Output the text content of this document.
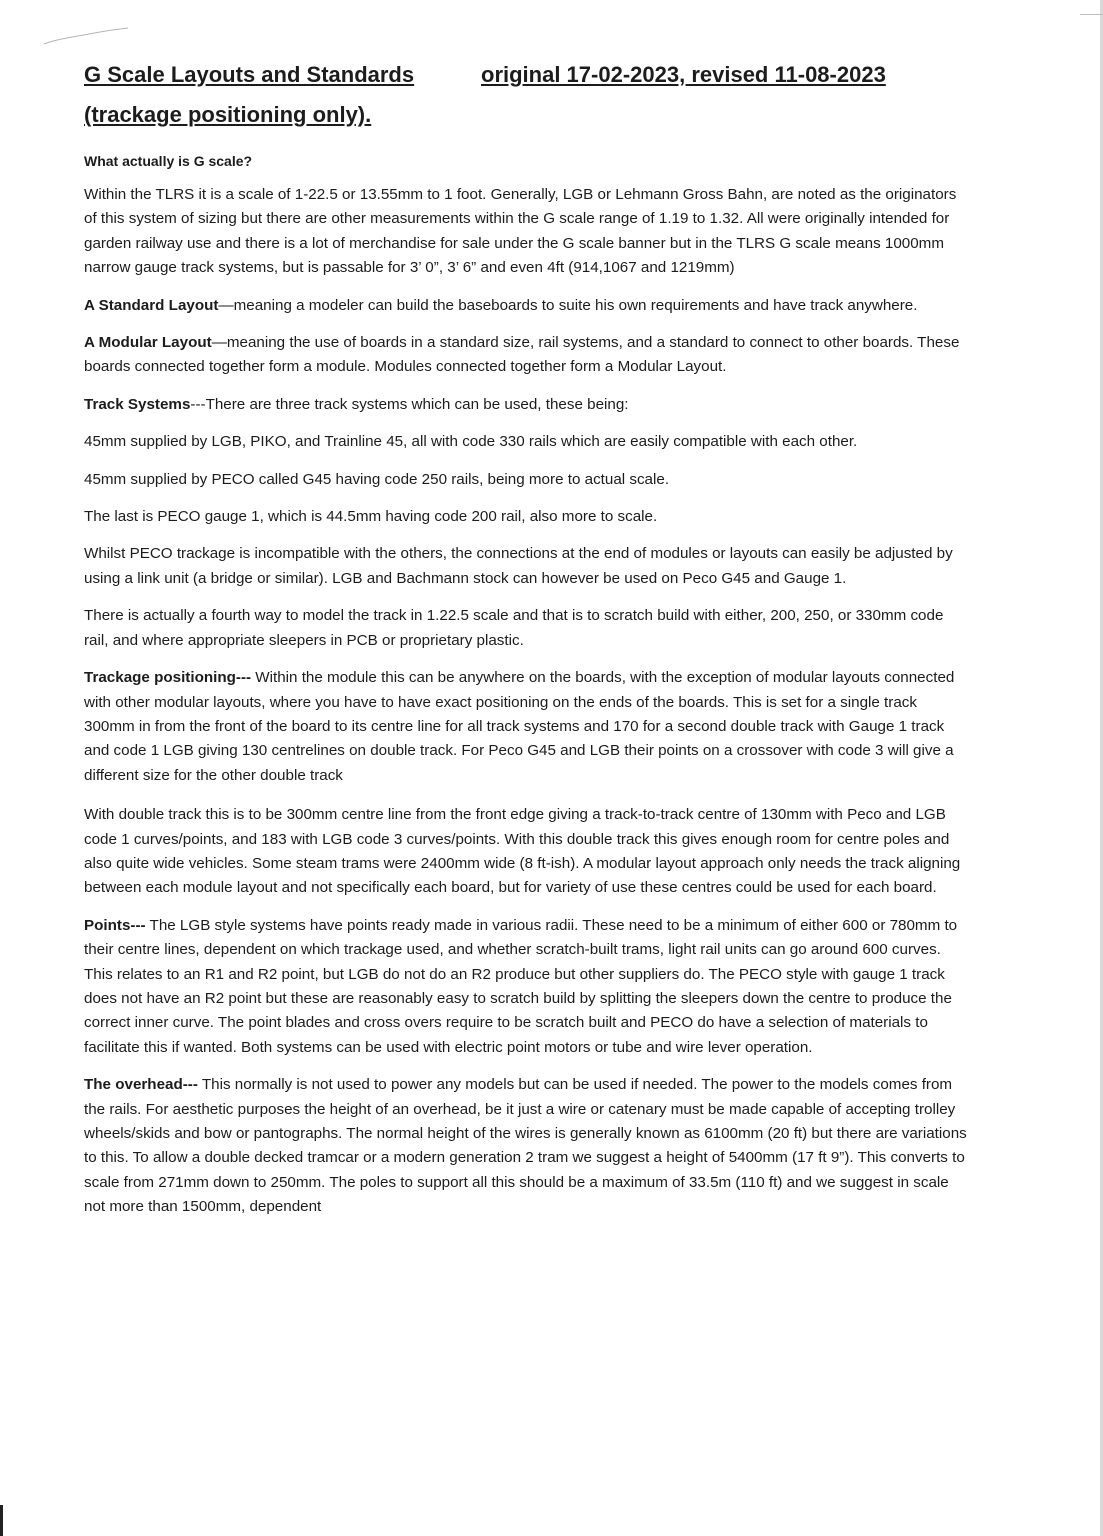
G Scale Layouts and Standards	original 17-02-2023, revised 11-08-2023
(trackage positioning only).
What actually is G scale?

Within the TLRS it is a scale of 1-22.5 or 13.55mm to 1 foot. Generally, LGB or Lehmann Gross Bahn, are noted as the originators of this system of sizing but there are other measurements within the G scale range of 1.19 to 1.32. All were originally intended for garden railway use and there is a lot of merchandise for sale under the G scale banner but in the TLRS G scale means 1000mm narrow gauge track systems, but is passable for 3’ 0”, 3’ 6” and even 4ft (914,1067 and 1219mm)

A Standard Layout—meaning a modeler can build the baseboards to suite his own requirements and have track anywhere.

A Modular Layout—meaning the use of boards in a standard size, rail systems, and a standard to connect to other boards. These boards connected together form a module. Modules connected together form a Modular Layout.

Track Systems---There are three track systems which can be used, these being:

45mm supplied by LGB, PIKO, and Trainline 45, all with code 330 rails which are easily compatible with each other.

45mm supplied by PECO called G45 having code 250 rails, being more to actual scale.

The last is PECO gauge 1, which is 44.5mm having code 200 rail, also more to scale.

Whilst PECO trackage is incompatible with the others, the connections at the end of modules or layouts can easily be adjusted by using a link unit (a bridge or similar). LGB and Bachmann stock can however be used on Peco G45 and Gauge 1.

There is actually a fourth way to model the track in 1.22.5 scale and that is to scratch build with either, 200, 250, or 330mm code rail, and where appropriate sleepers in PCB or proprietary plastic.

Trackage positioning--- Within the module this can be anywhere on the boards, with the exception of modular layouts connected with other modular layouts, where you have to have exact positioning on the ends of the boards. This is set for a single track 300mm in from the front of the board to its centre line for all track systems and 170 for a second double track with Gauge 1 track and code 1 LGB giving 130 centrelines on double track. For Peco G45 and LGB their points on a crossover with code 3 will give a different size for the other double track

With double track this is to be 300mm centre line from the front edge giving a track-to-track centre of 130mm with Peco and LGB code 1 curves/points, and 183 with LGB code 3 curves/points. With this double track this gives enough room for centre poles and also quite wide vehicles. Some steam trams were 2400mm wide (8 ft-ish). A modular layout approach only needs the track aligning between each module layout and not specifically each board, but for variety of use these centres could be used for each board.

Points--- The LGB style systems have points ready made in various radii. These need to be a minimum of either 600 or 780mm to their centre lines, dependent on which trackage used, and whether scratch-built trams, light rail units can go around 600 curves. This relates to an R1 and R2 point, but LGB do not do an R2 produce but other suppliers do. The PECO style with gauge 1 track does not have an R2 point but these are reasonably easy to scratch build by splitting the sleepers down the centre to produce the correct inner curve. The point blades and cross overs require to be scratch built and PECO do have a selection of materials to facilitate this if wanted. Both systems can be used with electric point motors or tube and wire lever operation.

The overhead--- This normally is not used to power any models but can be used if needed. The power to the models comes from the rails. For aesthetic purposes the height of an overhead, be it just a wire or catenary must be made capable of accepting trolley wheels/skids and bow or pantographs. The normal height of the wires is generally known as 6100mm (20 ft) but there are variations to this. To allow a double decked tramcar or a modern generation 2 tram we suggest a height of 5400mm (17 ft 9”). This converts to scale from 271mm down to 250mm. The poles to support all this should be a maximum of 33.5m (110 ft) and we suggest in scale not more than 1500mm, dependent
